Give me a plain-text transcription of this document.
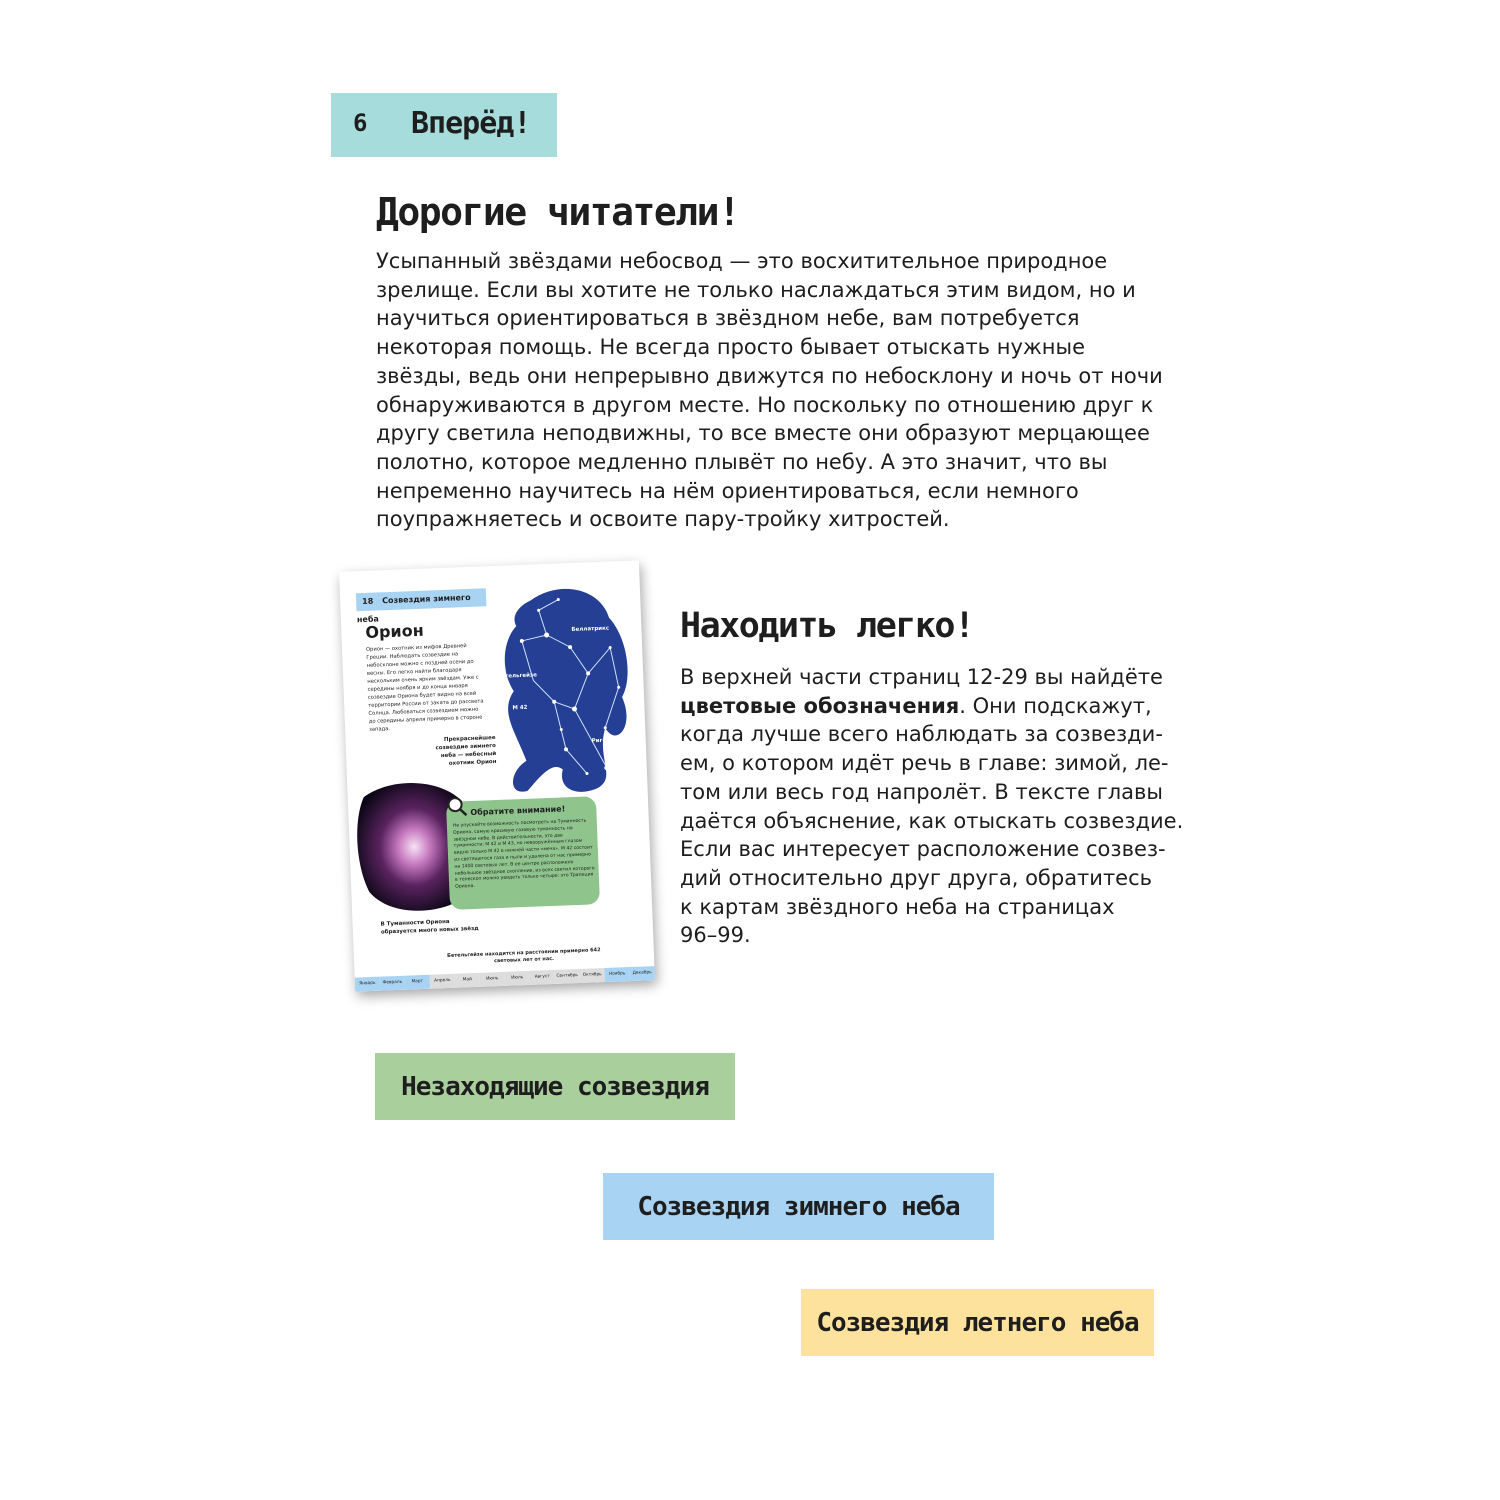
6 Вперёд!
Дорогие читатели!

Усыпанный звёздами небосвод — это восхитительное природное зрелище. Если вы хотите не только наслаждаться этим видом, но и научиться ориентироваться в звёздном небе, вам потребуется некоторая помощь. Не всегда просто бывает отыскать нужные звёзды, ведь они непрерывно движутся по небосклону и ночь от ночи обнаруживаются в другом месте. Но поскольку по отношению друг к другу светила неподвижны, то все вместе они образуют мерцающее полотно, которое медленно плывёт по небу. А это значит, что вы непременно научитесь на нём ориентироваться, если немного поупражняетесь и освоите пару-тройку хитростей.

18 Созвездия зимнего неба
Орион
Орион — охотник из мифов Древней Греции. Наблюдать созвездие на небосклоне можно с поздней осени до весны. Его легко найти благодаря нескольким очень ярким звёздам. Уже с середины ноября и до конца января созвездие Ориона будет видно на всей территории России от заката до рассвета Солнца. Любоваться созвездием можно до середины апреля примерно в стороне запада.
Прекраснейшее созвездие зимнего неба — небесный охотник Орион
Беллатрикс
Бетельгейзе
М 42
Ригель
Обратите внимание!
Не упускайте возможность посмотреть на Туманность Ориона, самую красивую газовую туманность на звёздном небе. В действительности, это две туманности: М 42 и М 43, но невооружённым глазом видно только М 42 в нижней части «меча». М 42 состоит из светящегося газа и пыли и удалена от нас примерно на 1400 световых лет. В ее центре расположено небольшое звёздное скопление, из всех светил которого в телескоп можно увидеть только четыре: это Трапеция Ориона.
В Туманности Ориона образуется много новых звёзд
Бетельгейзе находится на расстоянии примерно 642 световых лет от нас.
Январь	Февраль	Март	Апрель	Май	Июнь	Июль	Август	Сентябрь	Октябрь	Ноябрь	Декабрь
Находить легко!

В верхней части страниц 12-29 вы найдёте
цветовые обозначения. Они подскажут,
когда лучше всего наблюдать за созвезди-
ем, о котором идёт речь в главе: зимой, ле-
том или весь год напролёт. В тексте главы
даётся объяснение, как отыскать созвездие.
Если вас интересует расположение созвез-
дий относительно друг друга, обратитесь
к картам звёздного неба на страницах
96–99.

Незаходящие созвездия
Созвездия зимнего неба
Созвездия летнего неба
